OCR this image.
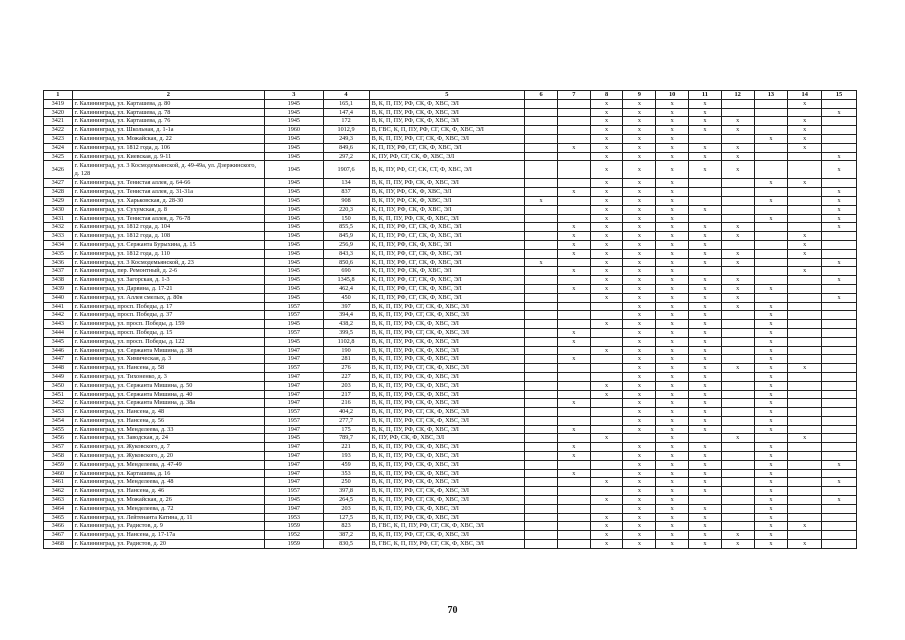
1	2	3	4	5	6	7	8	9	10	11	12	13	14	15
3419	г. Калининград, ул. Карташева, д. 80	1945	165,1	В, К, П, ПУ, РФ, СК, Ф, ХВС, ЭЛ			x	x	x	x			x	
3420	г. Калининград, ул. Карташева, д. 78	1945	147,4	В, К, П, ПУ, РФ, СК, Ф, ХВС, ЭЛ			x	x	x	x				x
3421	г. Калининград, ул. Карташева, д. 76	1945	172	В, К, П, ПУ, РФ, СК, Ф, ХВС, ЭЛ			x	x	x	x	x		x	
3422	г. Калининград, ул. Школьная, д. 1-1а	1960	1012,9	В, ГВС, К, П, ПУ, РФ, СГ, СК, Ф, ХВС, ЭЛ			x	x	x	x	x		x	
3423	г. Калининград, ул. Можайская, д. 22	1945	249,3	В, К, П, ПУ, РФ, СГ, СК, Ф, ХВС, ЭЛ			x	x	x			x	x	
3424	г. Калининград, ул. 1812 года, д. 106	1945	849,6	К, П, ПУ, РФ, СГ, СК, Ф, ХВС, ЭЛ		x	x	x	x	x	x		x	
3425	г. Калининград, ул. Киевская, д. 9-11	1945	297,2	К, ПУ, РФ, СГ, СК, Ф, ХВС, ЭЛ			x	x	x	x	x			x
3426	г. Калининград, ул. 3 Космодемьянской, д. 49-49а, ул. Дзержинского, д. 128	1945	1907,6	В, К, ПУ, РФ, СГ, СК, СТ, Ф, ХВС, ЭЛ			x	x	x	x	x			x
3427	г. Калининград, ул. Тенистая аллея, д. 64-66	1945	134	В, К, П, ПУ, РФ, СК, Ф, ХВС, ЭЛ			x	x	x			x	x	
3428	г. Калининград, ул. Тенистая аллея, д. 31-31а	1945	837	В, К, ПУ, РФ, СК, Ф, ХВС, ЭЛ		x	x	x	x					x
3429	г. Калининград, ул. Харьковская, д. 28-30	1945	908	В, К, ПУ, РФ, СК, Ф, ХВС, ЭЛ	x		x	x	x			x		x
3430	г. Калининград, ул. Сухумская, д. 8	1945	220,3	К, П, ПУ, РФ, СК, Ф, ХВС, ЭЛ			x	x	x	x				x
3431	г. Калининград, ул. Тенистая аллея, д. 76-78	1945	150	В, К, П, ПУ, РФ, СК, Ф, ХВС, ЭЛ			x	x	x			x		x
3432	г. Калининград, ул. 1812 года, д. 104	1945	855,5	К, П, ПУ, РФ, СГ, СК, Ф, ХВС, ЭЛ		x	x	x	x	x	x			x
3433	г. Калининград, ул. 1812 года, д. 108	1945	845,9	К, П, ПУ, РФ, СГ, СК, Ф, ХВС, ЭЛ		x	x	x	x	x	x		x	
3434	г. Калининград, ул. Сержанта Бурыхина, д. 15	1945	256,9	К, П, ПУ, РФ, СК, Ф, ХВС, ЭЛ		x	x	x	x	x			x	
3435	г. Калининград, ул. 1812 года, д. 110	1945	843,3	К, П, ПУ, РФ, СГ, СК, Ф, ХВС, ЭЛ		x	x	x	x	x	x		x	
3436	г. Калининград, ул. 3 Космодемьянской, д. 23	1945	850,6	К, П, ПУ, РФ, СГ, СК, Ф, ХВС, ЭЛ	x		x	x	x	x	x			x
3437	г. Калининград, пер. Ремонтный, д. 2-6	1945	690	К, П, ПУ, РФ, СК, Ф, ХВС, ЭЛ		x	x	x	x				x	
3438	г. Калининград, ул. Загорская, д. 1-3	1945	1345,8	К, П, ПУ, РФ, СГ, СК, Ф, ХВС, ЭЛ			x	x	x	x	x			x
3439	г. Калининград, ул. Дарвина, д. 17-21	1945	462,4	К, П, ПУ, РФ, СГ, СК, Ф, ХВС, ЭЛ		x	x	x	x	x	x	x		
3440	г. Калининград, ул. Аллея смелых, д. 80в	1945	450	К, П, ПУ, РФ, СГ, СК, Ф, ХВС, ЭЛ			x	x	x	x	x			x
3441	г. Калининград, просп. Победы, д. 17	1957	397	В, К, П, ПУ, РФ, СГ, СК, Ф, ХВС, ЭЛ				x	x	x	x	x		
3442	г. Калининград, просп. Победы, д. 37	1957	394,4	В, К, П, ПУ, РФ, СГ, СК, Ф, ХВС, ЭЛ				x	x	x		x		
3443	г. Калининград, ул. просп. Победы, д. 159	1945	438,2	В, К, П, ПУ, РФ, СК, Ф, ХВС, ЭЛ			x	x	x	x		x		
3444	г. Калининград, просп. Победы, д. 15	1957	399,5	В, К, П, ПУ, РФ, СГ, СК, Ф, ХВС, ЭЛ		x		x	x	x		x		
3445	г. Калининград, ул. просп. Победы, д. 122	1945	1102,8	В, К, П, ПУ, РФ, СК, Ф, ХВС, ЭЛ		x		x	x	x		x		
3446	г. Калининград, ул. Сержанта Мишина, д. 38	1947	190	В, К, П, ПУ, РФ, СК, Ф, ХВС, ЭЛ			x	x	x	x		x		
3447	г. Калининград, ул. Химическая, д. 3	1947	281	В, К, П, ПУ, РФ, СК, Ф, ХВС, ЭЛ		x		x	x	x		x		
3448	г. Калининград, ул. Нансена, д. 58	1957	276	В, К, П, ПУ, РФ, СГ, СК, Ф, ХВС, ЭЛ				x	x	x	x	x	x	
3449	г. Калининград, ул. Тихоненко, д. 3	1947	227	В, К, П, ПУ, РФ, СК, Ф, ХВС, ЭЛ				x	x	x		x		
3450	г. Калининград, ул. Сержанта Мишина, д. 50	1947	203	В, К, П, ПУ, РФ, СК, Ф, ХВС, ЭЛ			x	x	x	x		x		
3451	г. Калининград, ул. Сержанта Мишина, д. 40	1947	217	В, К, П, ПУ, РФ, СК, Ф, ХВС, ЭЛ			x	x	x	x		x		
3452	г. Калининград, ул. Сержанта Мишина, д. 38а	1947	216	В, К, П, ПУ, РФ, СК, Ф, ХВС, ЭЛ		x		x	x	x		x		
3453	г. Калининград, ул. Нансена, д. 48	1957	404,2	В, К, П, ПУ, РФ, СГ, СК, Ф, ХВС, ЭЛ				x	x	x		x		
3454	г. Калининград, ул. Нансена, д. 56	1957	277,7	В, К, П, ПУ, РФ, СГ, СК, Ф, ХВС, ЭЛ				x	x	x		x		
3455	г. Калининград, ул. Менделеева, д. 33	1947	175	В, К, П, ПУ, РФ, СК, Ф, ХВС, ЭЛ		x		x	x	x		x		
3456	г. Калининград, ул. Заводская, д. 24	1945	789,7	К, ПУ, РФ, СК, Ф, ХВС, ЭЛ			x		x		x		x	
3457	г. Калининград, ул. Жуковского, д. 7	1947	221	В, К, П, ПУ, РФ, СК, Ф, ХВС, ЭЛ		x		x	x	x		x		
3458	г. Калининград, ул. Жуковского, д. 20	1947	193	В, К, П, ПУ, РФ, СК, Ф, ХВС, ЭЛ		x		x	x	x		x		
3459	г. Калининград, ул. Менделеева, д. 47-49	1947	459	В, К, П, ПУ, РФ, СК, Ф, ХВС, ЭЛ				x	x	x		x		x
3460	г. Калининград, ул. Карташева, д. 16	1947	353	В, К, П, ПУ, РФ, СК, Ф, ХВС, ЭЛ		x		x	x	x		x		
3461	г. Калининград, ул. Менделеева, д. 48	1947	250	В, К, П, ПУ, РФ, СК, Ф, ХВС, ЭЛ			x	x	x	x		x		x
3462	г. Калининград, ул. Нансена, д. 46	1957	397,8	В, К, П, ПУ, РФ, СГ, СК, Ф, ХВС, ЭЛ				x	x	x		x		
3463	г. Калининград, ул. Можайская, д. 26	1945	264,5	В, К, П, ПУ, РФ, СГ, СК, Ф, ХВС, ЭЛ			x	x	x			x		x
3464	г. Калининград, ул. Менделеева, д. 72	1947	203	В, К, П, ПУ, РФ, СК, Ф, ХВС, ЭЛ				x	x	x		x		
3465	г. Калининград, ул. Лейтенанта Катина, д. 11	1953	127,5	В, К, П, ПУ, РФ, СК, Ф, ХВС, ЭЛ			x	x	x	x		x		
3466	г. Калининград, ул. Радистов, д. 9	1959	823	В, ГВС, К, П, ПУ, РФ, СГ, СК, Ф, ХВС, ЭЛ			x	x	x	x		x	x	
3467	г. Калининград, ул. Нансена, д. 17-17а	1952	387,2	В, К, П, ПУ, РФ, СГ, СК, Ф, ХВС, ЭЛ			x	x	x	x	x	x		
3468	г. Калининград, ул. Радистов, д. 20	1959	830,5	В, ГВС, К, П, ПУ, РФ, СГ, СК, Ф, ХВС, ЭЛ			x	x	x	x	x	x	x	
70
